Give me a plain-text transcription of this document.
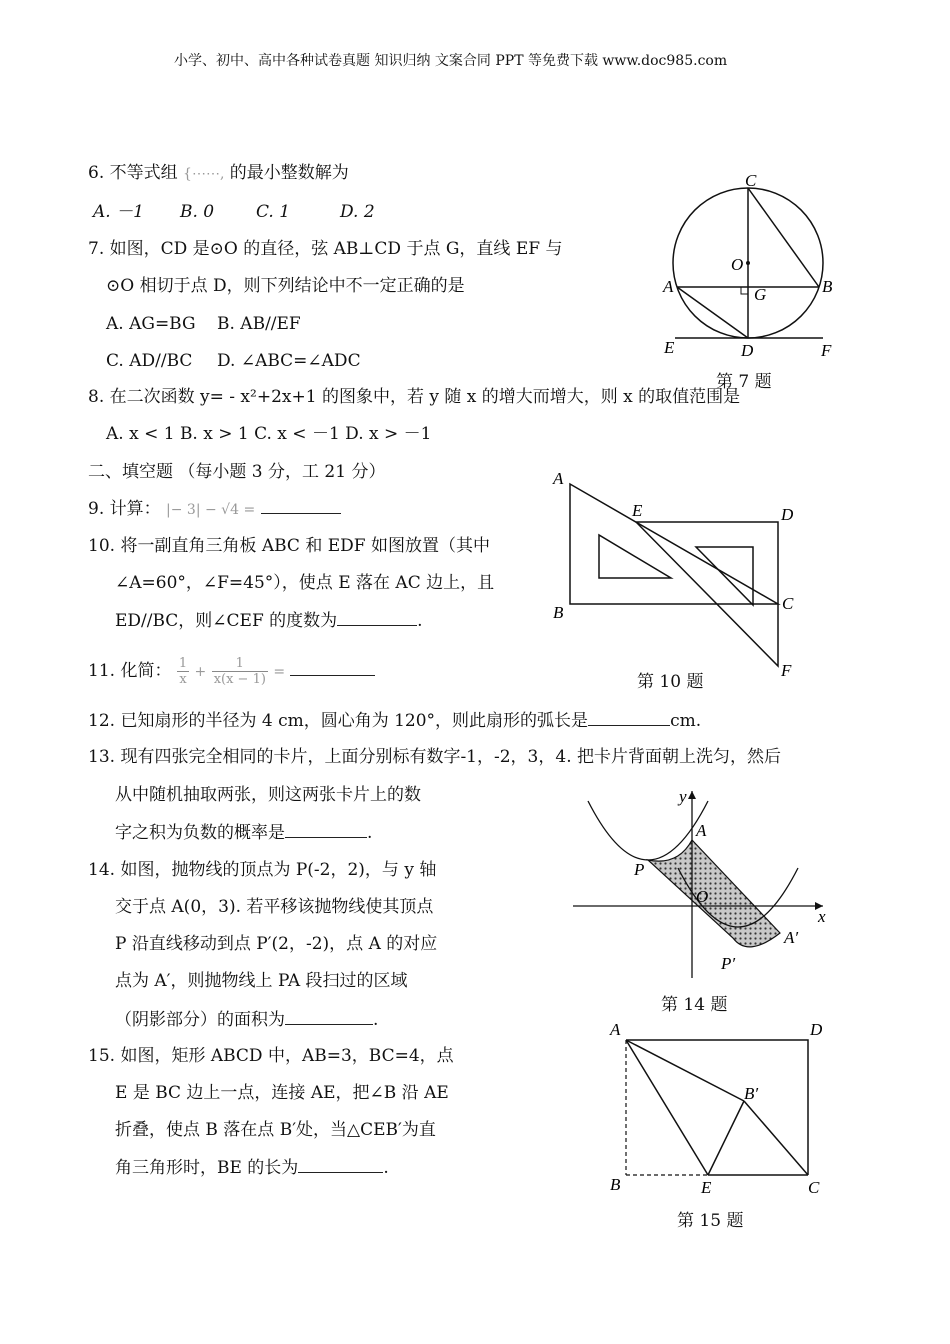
小学、初中、高中各种试卷真题 知识归纳 文案合同 PPT 等免费下载 www.doc985.com
6. 不等式组 {⋯⋯, 的最小整数解为
A. －1 B. 0 C. 1	D. 2
7. 如图，CD 是⊙O 的直径，弦 AB⊥CD 于点 G，直线 EF 与
⊙O 相切于点 D，则下列结论中不一定正确的是
A. AG=BG B. AB//EF
C. AD//BC D. ∠ABC=∠ADC
C
O
A	G	B
E	D	F
第 7 题
8. 在二次函数 y= - x²+2x+1 的图象中，若 y 随 x 的增大而增大，则 x 的取值范围是
A. x < 1 B. x > 1 C. x < －1 D. x > －1
二、填空题 （每小题 3 分，工 21 分）
9. 计算： |− 3| − √4 =
10. 将一副直角三角板 ABC 和 EDF 如图放置（其中
∠A=60°，∠F=45°），使点 E 落在 AC 边上，且
ED//BC，则∠CEF 的度数为	.
A
E	D
B	C
F
第 10 题
11. 化简： $\frac{1}{x} + \frac{1}{x(x - 1)}$ =
12. 已知扇形的半径为 4 cm，圆心角为 120°，则此扇形的弧长是	cm.
13. 现有四张完全相同的卡片，上面分别标有数字-1，-2，3，4. 把卡片背面朝上洗匀，然后
从中随机抽取两张，则这两张卡片上的数
字之积为负数的概率是	.
y
A
P
O
x
A′
P′
第 14 题
14. 如图，抛物线的顶点为 P(-2，2)，与 y 轴
交于点 A(0，3). 若平移该抛物线使其顶点
P 沿直线移动到点 P′(2，-2)，点 A 的对应
点为 A′，则抛物线上 PA 段扫过的区域
（阴影部分）的面积为	.
15. 如图，矩形 ABCD 中，AB=3，BC=4，点
E 是 BC 边上一点，连接 AE，把∠B 沿 AE
折叠，使点 B 落在点 B′处，当△CEB′为直
角三角形时，BE 的长为	.
A	D
B′
B	E	C
第 15 题
